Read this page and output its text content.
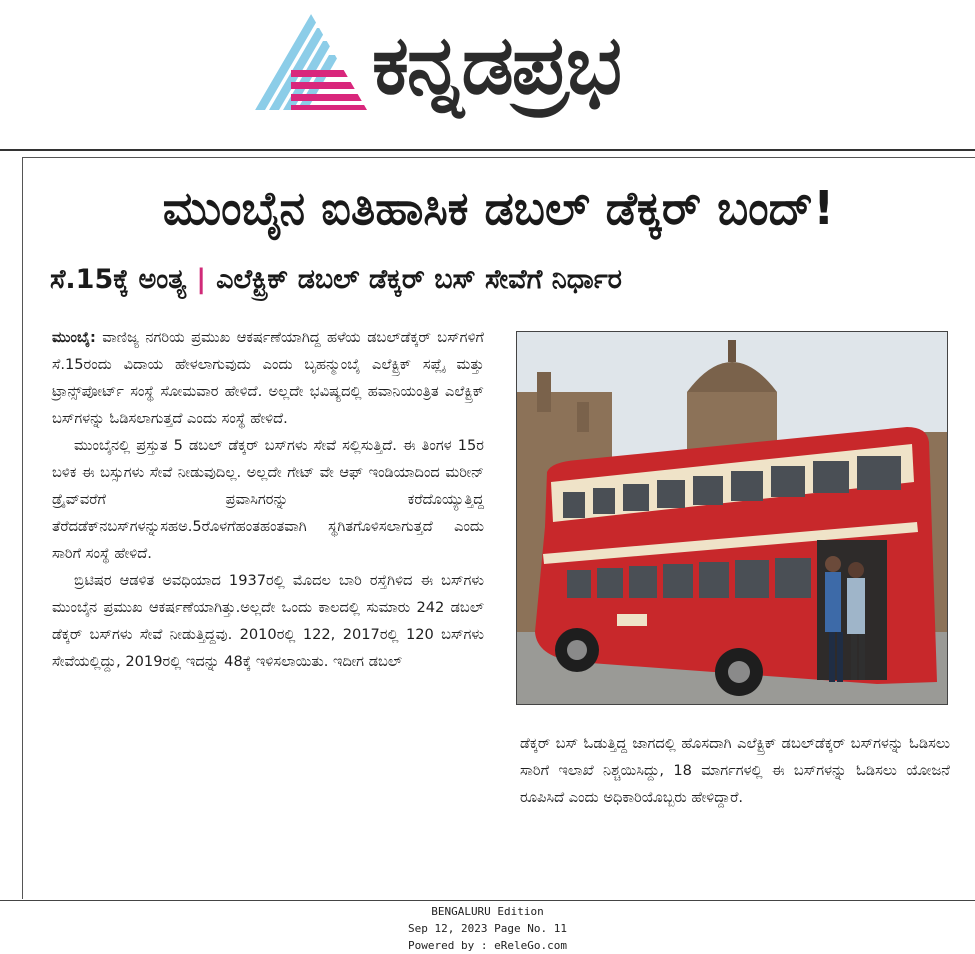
ಕನ್ನಡಪ್ರಭ
ಮುಂಬೈನ ಐತಿಹಾಸಿಕ ಡಬಲ್ ಡೆಕ್ಕರ್ ಬಂದ್!
ಸೆ.15ಕ್ಕೆ ಅಂತ್ಯ | ಎಲೆಕ್ಟ್ರಿಕ್ ಡಬಲ್ ಡೆಕ್ಕರ್ ಬಸ್ ಸೇವೆಗೆ ನಿರ್ಧಾರ

ಮುಂಬೈ: ವಾಣಿಜ್ಯ ನಗರಿಯ ಪ್ರಮುಖ ಆಕರ್ಷಣೆಯಾಗಿದ್ದ ಹಳೆಯ ಡಬಲ್‌ಡೆಕ್ಕರ್ ಬಸ್‌ಗಳಿಗೆ ಸೆ.15ರಂದು ವಿದಾಯ ಹೇಳಲಾಗುವುದು ಎಂದು ಬೃಹನ್ಮುಂಬೈ ಎಲೆಕ್ಟ್ರಿಕ್ ಸಪ್ಲೈ ಮತ್ತು ಟ್ರಾನ್ಸ್‌ಪೋರ್ಟ್ ಸಂಸ್ಥೆ ಸೋಮವಾರ ಹೇಳಿದೆ. ಅಲ್ಲದೇ ಭವಿಷ್ಯದಲ್ಲಿ ಹವಾನಿಯಂತ್ರಿತ ಎಲೆಕ್ಟ್ರಿಕ್ ಬಸ್‌ಗಳನ್ನು ಓಡಿಸಲಾಗುತ್ತದೆ ಎಂದು ಸಂಸ್ಥೆ ಹೇಳಿದೆ.

ಮುಂಬೈನಲ್ಲಿ ಪ್ರಸ್ತುತ 5 ಡಬಲ್ ಡೆಕ್ಕರ್ ಬಸ್‌ಗಳು ಸೇವೆ ಸಲ್ಲಿಸುತ್ತಿದೆ. ಈ ತಿಂಗಳ 15ರ ಬಳಿಕ ಈ ಬಸ್ಸುಗಳು ಸೇವೆ ನೀಡುವುದಿಲ್ಲ. ಅಲ್ಲದೇ ಗೇಟ್ ವೇ ಆಫ್ ಇಂಡಿಯಾದಿಂದ ಮರೀನ್ ಡ್ರೈವ್‌ವರೆಗೆ ಪ್ರವಾಸಿಗರನ್ನು ಕರೆದೊಯ್ಯುತ್ತಿದ್ದ ತೆರೆದಡೆಕ್‌ನಬಸ್‌ಗಳನ್ನುಸಹಅ.5ರೊಳಗೆಹಂತಹಂತವಾಗಿ ಸ್ಥಗಿತಗೊಳಿಸಲಾಗುತ್ತದೆ ಎಂದು ಸಾರಿಗೆ ಸಂಸ್ಥೆ ಹೇಳಿದೆ.

ಬ್ರಿಟಿಷರ ಆಡಳಿತ ಅವಧಿಯಾದ 1937ರಲ್ಲಿ ಮೊದಲ ಬಾರಿ ರಸ್ತೆಗಿಳಿದ ಈ ಬಸ್‌ಗಳು ಮುಂಬೈನ ಪ್ರಮುಖ ಆಕರ್ಷಣೆಯಾಗಿತ್ತು.ಅಲ್ಲದೇ ಒಂದು ಕಾಲದಲ್ಲಿ ಸುಮಾರು 242 ಡಬಲ್ ಡೆಕ್ಕರ್ ಬಸ್‌ಗಳು ಸೇವೆ ನೀಡುತ್ತಿದ್ದವು. 2010ರಲ್ಲಿ 122, 2017ರಲ್ಲಿ 120 ಬಸ್‌ಗಳು ಸೇವೆಯಲ್ಲಿದ್ದು, 2019ರಲ್ಲಿ ಇದನ್ನು 48ಕ್ಕೆ ಇಳಿಸಲಾಯಿತು. ಇದೀಗ ಡಬಲ್

ಡೆಕ್ಕರ್ ಬಸ್ ಓಡುತ್ತಿದ್ದ ಜಾಗದಲ್ಲಿ ಹೊಸದಾಗಿ ಎಲೆಕ್ಟ್ರಿಕ್ ಡಬಲ್‌ಡೆಕ್ಕರ್ ಬಸ್‌ಗಳನ್ನು ಓಡಿಸಲು ಸಾರಿಗೆ ಇಲಾಖೆ ನಿಶ್ಚಯಿಸಿದ್ದು, 18 ಮಾರ್ಗಗಳಲ್ಲಿ ಈ ಬಸ್‌ಗಳನ್ನು ಓಡಿಸಲು ಯೋಜನೆ ರೂಪಿಸಿದೆ ಎಂದು ಅಧಿಕಾರಿಯೊಬ್ಬರು ಹೇಳಿದ್ದಾರೆ.

BENGALURU Edition
Sep 12, 2023 Page No. 11
Powered by : eReleGo.com
